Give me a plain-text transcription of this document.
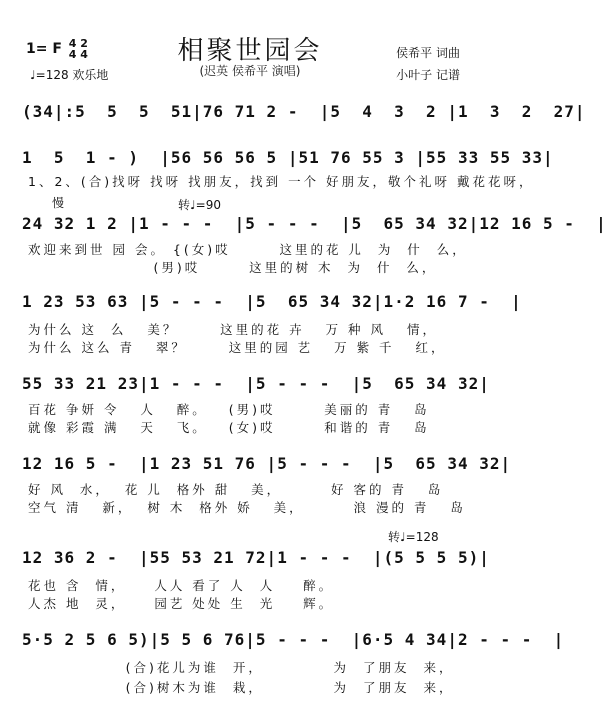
相聚世园会
(迟英 侯希平 演唱)
1= F 4 2
4 4
♩=128 欢乐地
侯希平 词曲
小叶子 记谱
(34|:5  5  5  51|76 71 2 -  |5  4  3  2 |1  3  2  27|
1  5  1 - )  |56 56 56 5 |51 76 55 3 |55 33 55 33|
1、2、(合)找呀 找呀 找朋友，找到 一个 好朋友，敬个礼呀 戴花花呀，
慢	转♩=90
24 32 1 2 |1 - - -  |5 - - -  |5  65 34 32|12 16 5 -  |
欢迎来到世 园 会。 {(女)哎       这里的花 儿  为  什  么，
(男)哎       这里的树 木  为  什  么，
1 23 53 63 |5 - - -  |5  65 34 32|1·2 16 7 -  |
为什么 这  么   美？      这里的花 卉   万 种 风   情，
为什么 这么 青   翠？      这里的园 艺   万 紫 千   红，
55 33 21 23|1 - - -  |5 - - -  |5  65 34 32|
百花 争妍 令   人   醉。   (男)哎       美丽的 青   岛
就像 彩霞 满   天   飞。   (女)哎       和谐的 青   岛
12 16 5 -  |1 23 51 76 |5 - - -  |5  65 34 32|
好 风  水，  花 儿  格外 甜   美，       好 客的 青   岛
空气 清   新，  树 木  格外 娇   美，       浪 漫的 青   岛
转♩=128
12 36 2 -  |55 53 21 72|1 - - -  |(5 5 5 5)|
花也 含  情，    人人 看了 人  人    醉。
人杰 地  灵，    园艺 处处 生  光    辉。
5·5 2 5 6 5)|5 5 6 76|5 - - -  |6·5 4 34|2 - - -  |
(合)花儿为谁  开，          为  了朋友  来，
(合)树木为谁  栽，          为  了朋友  来，
